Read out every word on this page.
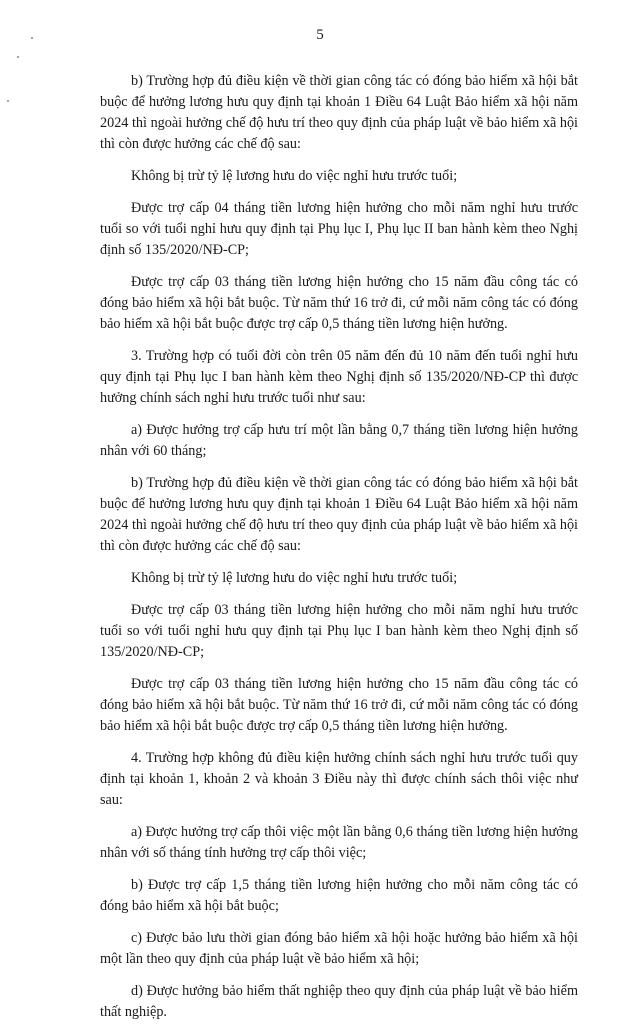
5

b) Trường hợp đủ điều kiện về thời gian công tác có đóng bảo hiểm xã hội bắt buộc để hưởng lương hưu quy định tại khoản 1 Điều 64 Luật Bảo hiểm xã hội năm 2024 thì ngoài hưởng chế độ hưu trí theo quy định của pháp luật về bảo hiểm xã hội thì còn được hưởng các chế độ sau:

Không bị trừ tỷ lệ lương hưu do việc nghỉ hưu trước tuổi;

Được trợ cấp 04 tháng tiền lương hiện hưởng cho mỗi năm nghỉ hưu trước tuổi so với tuổi nghỉ hưu quy định tại Phụ lục I, Phụ lục II ban hành kèm theo Nghị định số 135/2020/NĐ-CP;

Được trợ cấp 03 tháng tiền lương hiện hưởng cho 15 năm đầu công tác có đóng bảo hiểm xã hội bắt buộc. Từ năm thứ 16 trở đi, cứ mỗi năm công tác có đóng bảo hiểm xã hội bắt buộc được trợ cấp 0,5 tháng tiền lương hiện hưởng.

3. Trường hợp có tuổi đời còn trên 05 năm đến đủ 10 năm đến tuổi nghỉ hưu quy định tại Phụ lục I ban hành kèm theo Nghị định số 135/2020/NĐ-CP thì được hưởng chính sách nghỉ hưu trước tuổi như sau:

a) Được hưởng trợ cấp hưu trí một lần bằng 0,7 tháng tiền lương hiện hưởng nhân với 60 tháng;

b) Trường hợp đủ điều kiện về thời gian công tác có đóng bảo hiểm xã hội bắt buộc để hưởng lương hưu quy định tại khoản 1 Điều 64 Luật Bảo hiểm xã hội năm 2024 thì ngoài hưởng chế độ hưu trí theo quy định của pháp luật về bảo hiểm xã hội thì còn được hưởng các chế độ sau:

Không bị trừ tỷ lệ lương hưu do việc nghỉ hưu trước tuổi;

Được trợ cấp 03 tháng tiền lương hiện hưởng cho mỗi năm nghỉ hưu trước tuổi so với tuổi nghỉ hưu quy định tại Phụ lục I ban hành kèm theo Nghị định số 135/2020/NĐ-CP;

Được trợ cấp 03 tháng tiền lương hiện hưởng cho 15 năm đầu công tác có đóng bảo hiểm xã hội bắt buộc. Từ năm thứ 16 trở đi, cứ mỗi năm công tác có đóng bảo hiểm xã hội bắt buộc được trợ cấp 0,5 tháng tiền lương hiện hưởng.

4. Trường hợp không đủ điều kiện hưởng chính sách nghỉ hưu trước tuổi quy định tại khoản 1, khoản 2 và khoản 3 Điều này thì được chính sách thôi việc như sau:

a) Được hưởng trợ cấp thôi việc một lần bằng 0,6 tháng tiền lương hiện hưởng nhân với số tháng tính hưởng trợ cấp thôi việc;

b) Được trợ cấp 1,5 tháng tiền lương hiện hưởng cho mỗi năm công tác có đóng bảo hiểm xã hội bắt buộc;

c) Được bảo lưu thời gian đóng bảo hiểm xã hội hoặc hưởng bảo hiểm xã hội một lần theo quy định của pháp luật về bảo hiểm xã hội;

d) Được hưởng bảo hiểm thất nghiệp theo quy định của pháp luật về bảo hiểm thất nghiệp.
